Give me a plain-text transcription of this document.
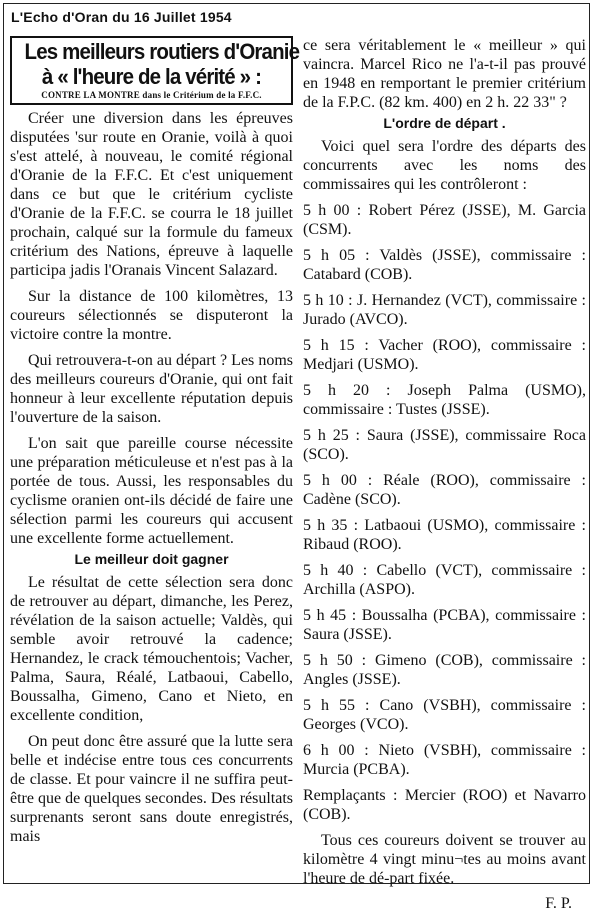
L'Echo d'Oran du 16 Juillet 1954
Les meilleurs routiers d'Oranie
à « l'heure de la vérité » :
CONTRE LA MONTRE dans le Critérium de la F.F.C.

Créer une diversion dans les épreuves disputées 'sur route en Oranie, voilà à quoi s'est attelé, à nouveau, le comité régional d'Oranie de la F.F.C. Et c'est uniquement dans ce but que le critérium cycliste d'Oranie de la F.F.C. se courra le 18 juillet prochain, calqué sur la formule du fameux critérium des Nations, épreuve à laquelle participa jadis l'Oranais Vincent Salazard.

Sur la distance de 100 kilomètres, 13 coureurs sélectionnés se disputeront la victoire contre la montre.

Qui retrouvera-t-on au départ ? Les noms des meilleurs coureurs d'Oranie, qui ont fait honneur à leur excellente réputation depuis l'ouverture de la saison.

L'on sait que pareille course nécessite une préparation méticuleuse et n'est pas à la portée de tous. Aussi, les responsables du cyclisme oranien ont-ils décidé de faire une sélection parmi les coureurs qui accusent une excellente forme actuellement.

Le meilleur doit gagner

Le résultat de cette sélection sera donc de retrouver au départ, dimanche, les Perez, révélation de la saison actuelle; Valdès, qui semble avoir retrouvé la cadence; Hernandez, le crack témouchentois; Vacher, Palma, Saura, Réalé, Latbaoui, Cabello, Boussalha, Gimeno, Cano et Nieto, en excellente condition,

On peut donc être assuré que la lutte sera belle et indécise entre tous ces concurrents de classe. Et pour vaincre il ne suffira peut-être que de quelques secondes. Des résultats surprenants seront sans doute enregistrés, mais

ce sera véritablement le « meilleur » qui vaincra. Marcel Rico ne l'a-t-il pas prouvé en 1948 en remportant le premier critérium de la F.P.C. (82 km. 400) en 2 h. 22 33" ?

L'ordre de départ .

Voici quel sera l'ordre des départs des concurrents avec les noms des commissaires qui les contrôleront :

5 h 00 : Robert Pérez (JSSE), M. Garcia (CSM).

5 h 05 : Valdès (JSSE), commissaire : Catabard (COB).

5 h 10 : J. Hernandez (VCT), commissaire : Jurado (AVCO).

5 h 15 : Vacher (ROO), commissaire : Medjari (USMO).

5 h 20 : Joseph Palma (USMO), commissaire : Tustes (JSSE).

5 h 25 : Saura (JSSE), commissaire Roca (SCO).

5 h 00 : Réale (ROO), commissaire : Cadène (SCO).

5 h 35 : Latbaoui (USMO), commissaire : Ribaud (ROO).

5 h 40 : Cabello (VCT), commissaire : Archilla (ASPO).

5 h 45 : Boussalha (PCBA), commissaire : Saura (JSSE).

5 h 50 : Gimeno (COB), commissaire : Angles (JSSE).

5 h 55 : Cano (VSBH), commissaire : Georges (VCO).

6 h 00 : Nieto (VSBH), commissaire : Murcia (PCBA).

Remplaçants : Mercier (ROO) et Navarro (COB).

Tous ces coureurs doivent se trouver au kilomètre 4 vingt minu¬tes au moins avant l'heure de dé-part fixée.

F. P.
